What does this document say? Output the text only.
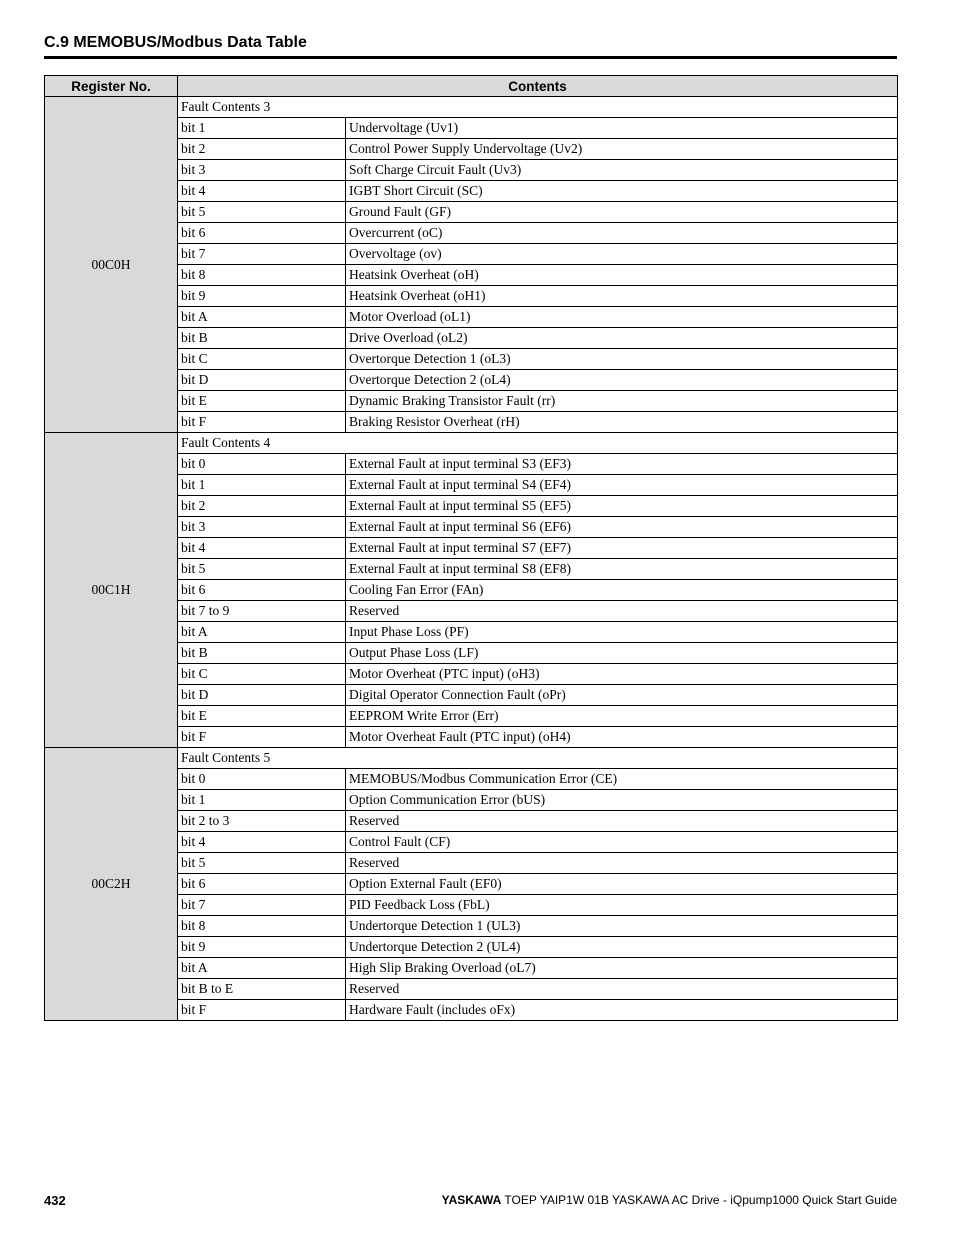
C.9 MEMOBUS/Modbus Data Table
Register No.	Contents	
00C0H	Fault Contents 3	
	bit 1	Undervoltage (Uv1)
	bit 2	Control Power Supply Undervoltage (Uv2)
	bit 3	Soft Charge Circuit Fault (Uv3)
	bit 4	IGBT Short Circuit (SC)
	bit 5	Ground Fault (GF)
	bit 6	Overcurrent (oC)
	bit 7	Overvoltage (ov)
	bit 8	Heatsink Overheat (oH)
	bit 9	Heatsink Overheat (oH1)
	bit A	Motor Overload (oL1)
	bit B	Drive Overload (oL2)
	bit C	Overtorque Detection 1 (oL3)
	bit D	Overtorque Detection 2 (oL4)
	bit E	Dynamic Braking Transistor Fault (rr)
	bit F	Braking Resistor Overheat (rH)
00C1H	Fault Contents 4	
	bit 0	External Fault at input terminal S3 (EF3)
	bit 1	External Fault at input terminal S4 (EF4)
	bit 2	External Fault at input terminal S5 (EF5)
	bit 3	External Fault at input terminal S6 (EF6)
	bit 4	External Fault at input terminal S7 (EF7)
	bit 5	External Fault at input terminal S8 (EF8)
	bit 6	Cooling Fan Error (FAn)
	bit 7 to 9	Reserved
	bit A	Input Phase Loss (PF)
	bit B	Output Phase Loss (LF)
	bit C	Motor Overheat (PTC input) (oH3)
	bit D	Digital Operator Connection Fault (oPr)
	bit E	EEPROM Write Error (Err)
	bit F	Motor Overheat Fault (PTC input) (oH4)
00C2H	Fault Contents 5	
	bit 0	MEMOBUS/Modbus Communication Error (CE)
	bit 1	Option Communication Error (bUS)
	bit 2 to 3	Reserved
	bit 4	Control Fault (CF)
	bit 5	Reserved
	bit 6	Option External Fault (EF0)
	bit 7	PID Feedback Loss (FbL)
	bit 8	Undertorque Detection 1 (UL3)
	bit 9	Undertorque Detection 2 (UL4)
	bit A	High Slip Braking Overload (oL7)
	bit B to E	Reserved
	bit F	Hardware Fault (includes oFx)
432	YASKAWA TOEP YAIP1W 01B YASKAWA AC Drive - iQpump1000 Quick Start Guide
